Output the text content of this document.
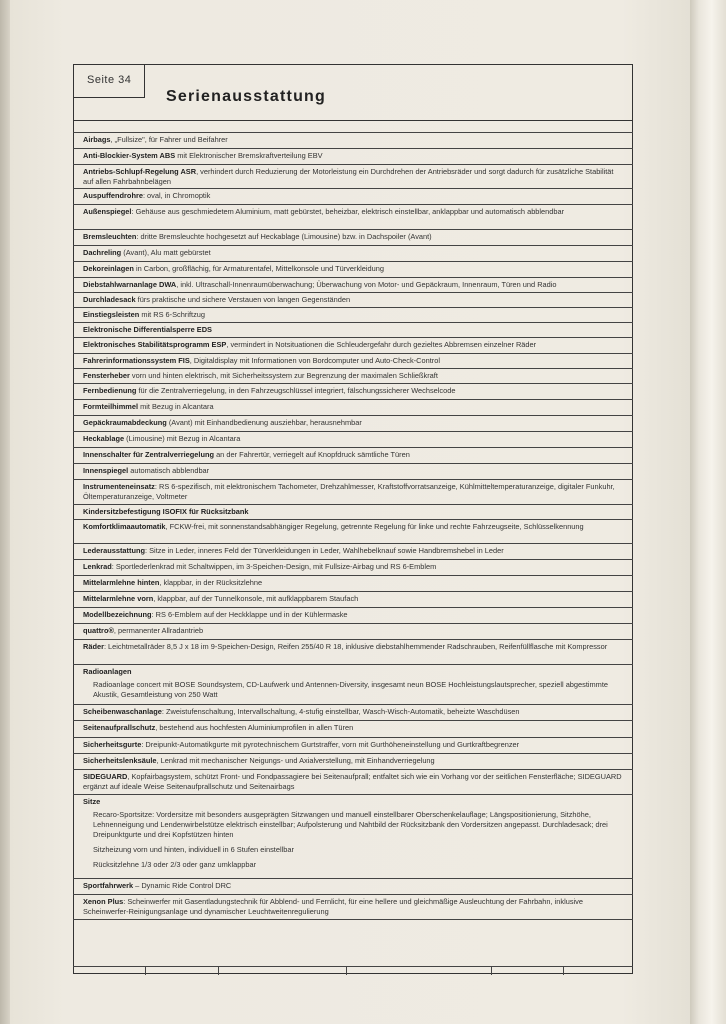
Seite 34
Serienausstattung
Airbags, „Fullsize", für Fahrer und Beifahrer
Anti-Blockier-System ABS mit Elektronischer Bremskraftverteilung EBV
Antriebs-Schlupf-Regelung ASR, verhindert durch Reduzierung der Motorleistung ein Durchdrehen der Antriebsräder und sorgt dadurch für zusätzliche Stabilität auf allen Fahrbahnbelägen
Auspuffendrohre: oval, in Chromoptik
Außenspiegel: Gehäuse aus geschmiedetem Aluminium, matt gebürstet, beheizbar, elektrisch einstellbar, anklappbar und automatisch abblendbar
Bremsleuchten: dritte Bremsleuchte hochgesetzt auf Heckablage (Limousine) bzw. in Dachspoiler (Avant)
Dachreling (Avant), Alu matt gebürstet
Dekoreinlagen in Carbon, großflächig, für Armaturentafel, Mittelkonsole und Türverkleidung
Diebstahlwarnanlage DWA, inkl. Ultraschall-Innenraumüberwachung; Überwachung von Motor- und Gepäckraum, Innenraum, Türen und Radio
Durchladesack fürs praktische und sichere Verstauen von langen Gegenständen
Einstiegsleisten mit RS 6-Schriftzug
Elektronische Differentialsperre EDS
Elektronisches Stabilitätsprogramm ESP, vermindert in Notsituationen die Schleudergefahr durch gezieltes Abbremsen einzelner Räder
Fahrerinformationssystem FIS, Digitaldisplay mit Informationen von Bordcomputer und Auto-Check-Control
Fensterheber vorn und hinten elektrisch, mit Sicherheitssystem zur Begrenzung der maximalen Schließkraft
Fernbedienung für die Zentralverriegelung, in den Fahrzeugschlüssel integriert, fälschungssicherer Wechselcode
Formteilhimmel mit Bezug in Alcantara
Gepäckraumabdeckung (Avant) mit Einhandbedienung ausziehbar, herausnehmbar
Heckablage (Limousine) mit Bezug in Alcantara
Innenschalter für Zentralverriegelung an der Fahrertür, verriegelt auf Knopfdruck sämtliche Türen
Innenspiegel automatisch abblendbar
Instrumenteneinsatz: RS 6-spezifisch, mit elektronischem Tachometer, Drehzahlmesser, Kraftstoffvorratsanzeige, Kühlmitteltemperaturanzeige, digitaler Funkuhr, Öltemperaturanzeige, Voltmeter
Kindersitzbefestigung ISOFIX für Rücksitzbank
Komfortklimaautomatik, FCKW-frei, mit sonnenstandsabhängiger Regelung, getrennte Regelung für linke und rechte Fahrzeugseite, Schlüsselkennung
Lederausstattung: Sitze in Leder, inneres Feld der Türverkleidungen in Leder, Wahlhebelknauf sowie Handbremshebel in Leder
Lenkrad: Sportlederlenkrad mit Schaltwippen, im 3-Speichen-Design, mit Fullsize-Airbag und RS 6-Emblem
Mittelarmlehne hinten, klappbar, in der Rücksitzlehne
Mittelarmlehne vorn, klappbar, auf der Tunnelkonsole, mit aufklappbarem Staufach
Modellbezeichnung: RS 6-Emblem auf der Heckklappe und in der Kühlermaske
quattro®, permanenter Allradantrieb
Räder: Leichtmetallräder 8,5 J x 18 im 9-Speichen-Design, Reifen 255/40 R 18, inklusive diebstahlhemmender Radschrauben, Reifenfüllflasche mit Kompressor
Radioanlagen
Radioanlage concert mit BOSE Soundsystem, CD-Laufwerk und Antennen-Diversity, insgesamt neun BOSE Hochleistungslautsprecher, speziell abgestimmte Akustik, Gesamtleistung von 250 Watt
Scheibenwaschanlage: Zweistufenschaltung, Intervallschaltung, 4-stufig einstellbar, Wasch-Wisch-Automatik, beheizte Waschdüsen
Seitenaufprallschutz, bestehend aus hochfesten Aluminiumprofilen in allen Türen
Sicherheitsgurte: Dreipunkt-Automatikgurte mit pyrotechnischem Gurtstraffer, vorn mit Gurthöheneinstellung und Gurtkraftbegrenzer
Sicherheitslenksäule, Lenkrad mit mechanischer Neigungs- und Axialverstellung, mit Einhandverriegelung
SIDEGUARD, Kopfairbagsystem, schützt Front- und Fondpassagiere bei Seitenaufprall; entfaltet sich wie ein Vorhang vor der seitlichen Fensterfläche; SIDEGUARD ergänzt auf ideale Weise Seitenaufprallschutz und Seitenairbags
Sitze
Recaro-Sportsitze: Vordersitze mit besonders ausgeprägten Sitzwangen und manuell einstellbarer Oberschenkelauflage; Längspositionierung, Sitzhöhe, Lehnenneigung und Lendenwirbelstütze elektrisch einstellbar; Aufpolsterung und Nahtbild der Rücksitzbank den Vordersitzen angepasst. Durchladesack; drei Dreipunktgurte und drei Kopfstützen hinten
Sitzheizung vorn und hinten, individuell in 6 Stufen einstellbar
Rücksitzlehne 1/3 oder 2/3 oder ganz umklappbar
Sportfahrwerk – Dynamic Ride Control DRC
Xenon Plus: Scheinwerfer mit Gasentladungstechnik für Abblend- und Fernlicht, für eine hellere und gleichmäßige Ausleuchtung der Fahrbahn, inklusive Scheinwerfer-Reinigungsanlage und dynamischer Leuchtweitenregulierung
